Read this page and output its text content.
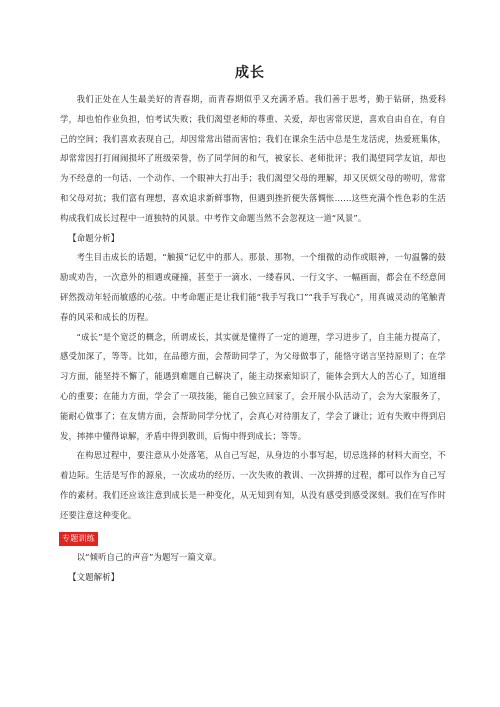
成长

我们正处在人生最美好的青春期，而青春期似乎又充满矛盾。我们善于思考，勤于钻研，热爱科学，却也怕作业负担，怕考试失败；我们渴望老师的尊重、关爱，却也害常厌逆，喜欢自由自在，有自己的空间；我们喜欢表现自己，却因常常出错而害怕；我们在课余生活中总是生龙活虎，热爱班集体，却常常因打打闹闹损坏了班级荣誉，伤了同学间的和气，被家长、老师批评；我们渴望同学友谊，却也为不经意的一句话、一个动作、一个眼神大打出手；我们渴望父母的理解，却又厌烦父母的唠叨，常常和父母对抗；我们富有理想，喜欢追求新鲜事物，但遇到挫折便失落惆怅……这些充满个性色彩的生活构成我们成长过程中一道独特的风景。中考作文命题当然不会忽视这一道“风景”。

【命题分析】

考生目击成长的话题，“触摸”记忆中的那人、那景、那物，一个细微的动作或眼神，一句温馨的鼓励或劝告，一次意外的相遇或碰撞，甚至于一滴水、一缕春风、一行文字、一幅画面，都会在不经意间砰然拨动年轻而敏感的心弦。中考命题正是让我们能“我手写我口”“我手写我心”，用真诚灵动的笔触青春的风采和成长的历程。

“成长”是个宽泛的概念，所谓成长，其实就是懂得了一定的道理，学习进步了，自主能力提高了，感受加深了，等等。比如，在品德方面，会帮助同学了，为父母做事了，能恪守诺言坚持原则了；在学习方面，能坚持不懈了，能遇到难题自己解决了，能主动探索知识了，能体会到大人的苦心了，知道细心的重要；在能力方面，学会了一项技能，能自己独立回家了，会开展小队活动了，会为大家服务了，能耐心做事了；在友情方面，会帮助同学分忧了，会真心对待朋友了，学会了谦让；近有失败中得到启发，摔摔中懂得谅解，矛盾中得到教训，后悔中得到成长；等等。

在构思过程中，要注意从小处落笔，从自己写起，从身边的小事写起，切忌选择的材料大而空，不着边际。生活是写作的源泉，一次成功的经历、一次失败的教训、一次拼搏的过程，都可以作为自己写作的素材。我们还应该注意到成长是一种变化，从无知到有知，从没有感受到感受深刻。我们在写作时还要注意这种变化。

专题训练

以“倾听自己的声音”为题写一篇文章。

【文题解析】
